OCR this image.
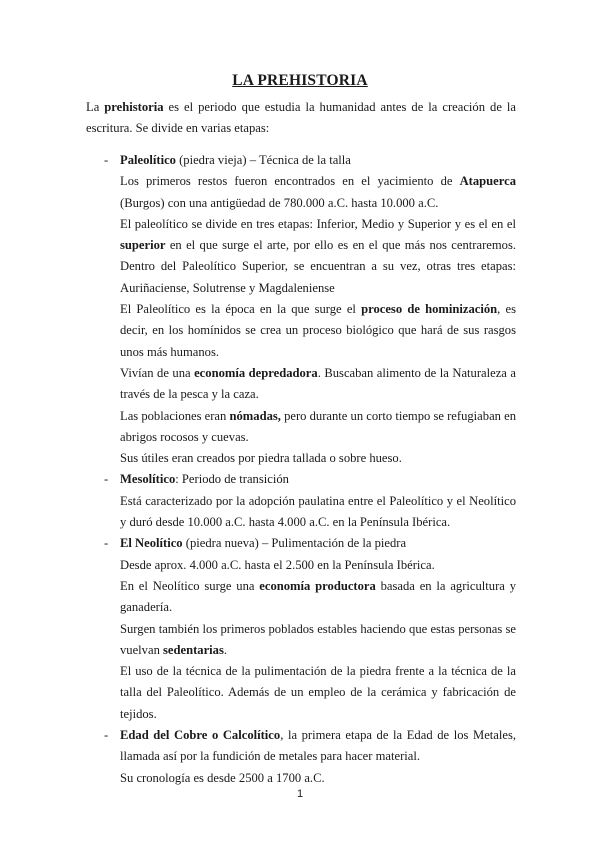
LA PREHISTORIA
La prehistoria es el periodo que estudia la humanidad antes de la creación de la escritura. Se divide en varias etapas:
- Paleolítico (piedra vieja) – Técnica de la talla

Los primeros restos fueron encontrados en el yacimiento de Atapuerca (Burgos) con una antigüedad de 780.000 a.C. hasta 10.000 a.C.

El paleolítico se divide en tres etapas: Inferior, Medio y Superior y es el en el superior en el que surge el arte, por ello es en el que más nos centraremos. Dentro del Paleolítico Superior, se encuentran a su vez, otras tres etapas: Auriñaciense, Solutrense y Magdaleniense

El Paleolítico es la época en la que surge el proceso de hominización, es decir, en los homínidos se crea un proceso biológico que hará de sus rasgos unos más humanos.

Vivían de una economía depredadora. Buscaban alimento de la Naturaleza a través de la pesca y la caza.

Las poblaciones eran nómadas, pero durante un corto tiempo se refugiaban en abrigos rocosos y cuevas.

Sus útiles eran creados por piedra tallada o sobre hueso.

- Mesolítico: Periodo de transición

Está caracterizado por la adopción paulatina entre el Paleolítico y el Neolítico y duró desde 10.000 a.C. hasta 4.000 a.C. en la Península Ibérica.

- El Neolítico (piedra nueva) – Pulimentación de la piedra

Desde aprox. 4.000 a.C. hasta el 2.500 en la Península Ibérica.

En el Neolítico surge una economía productora basada en la agricultura y ganadería.

Surgen también los primeros poblados estables haciendo que estas personas se vuelvan sedentarias.

El uso de la técnica de la pulimentación de la piedra frente a la técnica de la talla del Paleolítico. Además de un empleo de la cerámica y fabricación de tejidos.

- Edad del Cobre o Calcolítico, la primera etapa de la Edad de los Metales, llamada así por la fundición de metales para hacer material.

Su cronología es desde 2500 a 1700 a.C.

1
